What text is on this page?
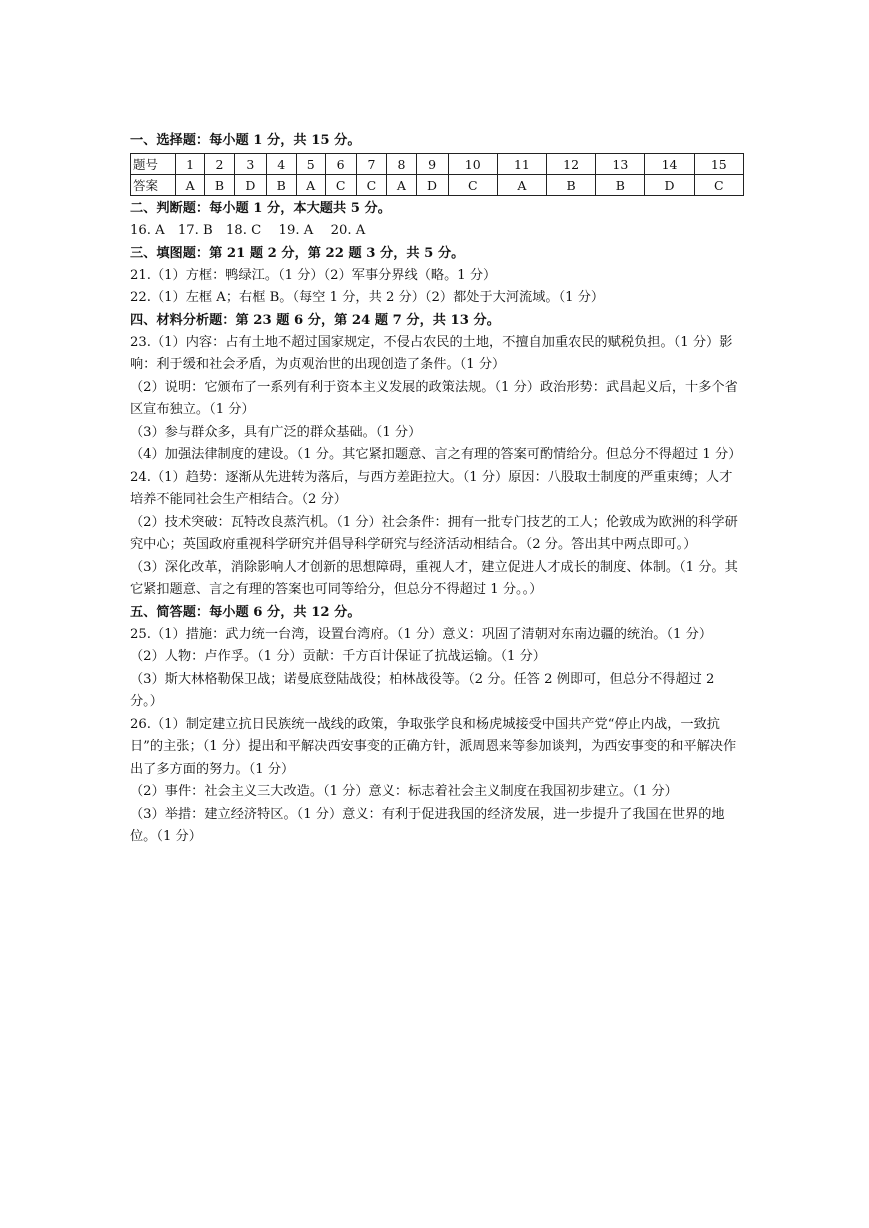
一、选择题：每小题 1 分，共 15 分。
题号	1	2	3	4	5	6	7	8	9	10	11	12	13	14	15
答案	A	B	D	B	A	C	C	A	D	C	A	B	B	D	C
二、判断题：每小题 1 分，本大题共 5 分。
16. A　17. B　18. C　 19. A　 20. A
三、填图题：第 21 题 2 分，第 22 题 3 分，共 5 分。
21.（1）方框：鸭绿江。（1 分）（2）军事分界线（略。1 分）
22.（1）左框 A；右框 B。（每空 1 分，共 2 分）（2）都处于大河流域。（1 分）
四、材料分析题：第 23 题 6 分，第 24 题 7 分，共 13 分。

23.（1）内容：占有土地不超过国家规定，不侵占农民的土地，不擅自加重农民的赋税负担。（1 分）影响：利于缓和社会矛盾，为贞观治世的出现创造了条件。（1 分）

（2）说明：它颁布了一系列有利于资本主义发展的政策法规。（1 分）政治形势：武昌起义后，十多个省区宣布独立。（1 分）

（3）参与群众多，具有广泛的群众基础。（1 分）

（4）加强法律制度的建设。（1 分。其它紧扣题意、言之有理的答案可酌情给分。但总分不得超过 1 分）

24.（1）趋势：逐渐从先进转为落后，与西方差距拉大。（1 分）原因：八股取士制度的严重束缚；人才培养不能同社会生产相结合。（2 分）

（2）技术突破：瓦特改良蒸汽机。（1 分）社会条件：拥有一批专门技艺的工人；伦敦成为欧洲的科学研究中心；英国政府重视科学研究并倡导科学研究与经济活动相结合。（2 分。答出其中两点即可。）

（3）深化改革，消除影响人才创新的思想障碍，重视人才，建立促进人才成长的制度、体制。（1 分。其它紧扣题意、言之有理的答案也可同等给分，但总分不得超过 1 分。。）

五、简答题：每小题 6 分，共 12 分。

25.（1）措施：武力统一台湾，设置台湾府。（1 分）意义：巩固了清朝对东南边疆的统治。（1 分）

（2）人物：卢作孚。（1 分）贡献：千方百计保证了抗战运输。（1 分）

（3）斯大林格勒保卫战；诺曼底登陆战役；柏林战役等。（2 分。任答 2 例即可，但总分不得超过 2 分。）

26.（1）制定建立抗日民族统一战线的政策，争取张学良和杨虎城接受中国共产党“停止内战，一致抗日”的主张；（1 分）提出和平解决西安事变的正确方针，派周恩来等参加谈判，为西安事变的和平解决作出了多方面的努力。（1 分）

（2）事件：社会主义三大改造。（1 分）意义：标志着社会主义制度在我国初步建立。（1 分）

（3）举措：建立经济特区。（1 分）意义：有利于促进我国的经济发展，进一步提升了我国在世界的地位。（1 分）
